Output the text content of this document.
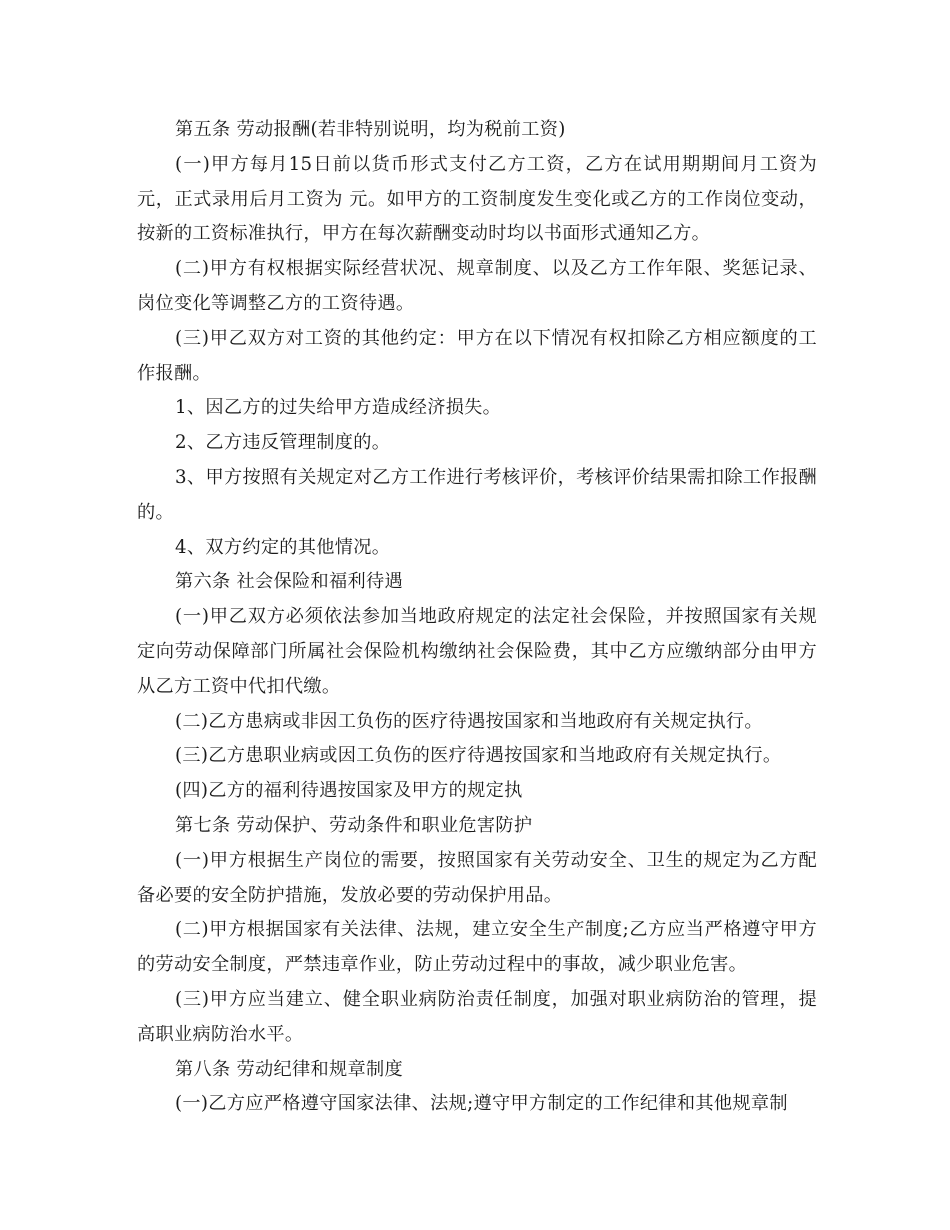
第五条 劳动报酬(若非特别说明，均为税前工资)

(一)甲方每月15日前以货币形式支付乙方工资，乙方在试用期期间月工资为 元，正式录用后月工资为 元。如甲方的工资制度发生变化或乙方的工作岗位变动，按新的工资标准执行，甲方在每次薪酬变动时均以书面形式通知乙方。

(二)甲方有权根据实际经营状况、规章制度、以及乙方工作年限、奖惩记录、岗位变化等调整乙方的工资待遇。

(三)甲乙双方对工资的其他约定：甲方在以下情况有权扣除乙方相应额度的工作报酬。

1、因乙方的过失给甲方造成经济损失。

2、乙方违反管理制度的。

3、甲方按照有关规定对乙方工作进行考核评价，考核评价结果需扣除工作报酬的。

4、双方约定的其他情况。

第六条 社会保险和福利待遇

(一)甲乙双方必须依法参加当地政府规定的法定社会保险，并按照国家有关规定向劳动保障部门所属社会保险机构缴纳社会保险费，其中乙方应缴纳部分由甲方从乙方工资中代扣代缴。

(二)乙方患病或非因工负伤的医疗待遇按国家和当地政府有关规定执行。

(三)乙方患职业病或因工负伤的医疗待遇按国家和当地政府有关规定执行。

(四)乙方的福利待遇按国家及甲方的规定执

第七条 劳动保护、劳动条件和职业危害防护

(一)甲方根据生产岗位的需要，按照国家有关劳动安全、卫生的规定为乙方配备必要的安全防护措施，发放必要的劳动保护用品。

(二)甲方根据国家有关法律、法规，建立安全生产制度;乙方应当严格遵守甲方的劳动安全制度，严禁违章作业，防止劳动过程中的事故，减少职业危害。

(三)甲方应当建立、健全职业病防治责任制度，加强对职业病防治的管理，提高职业病防治水平。

第八条 劳动纪律和规章制度

(一)乙方应严格遵守国家法律、法规;遵守甲方制定的工作纪律和其他规章制
